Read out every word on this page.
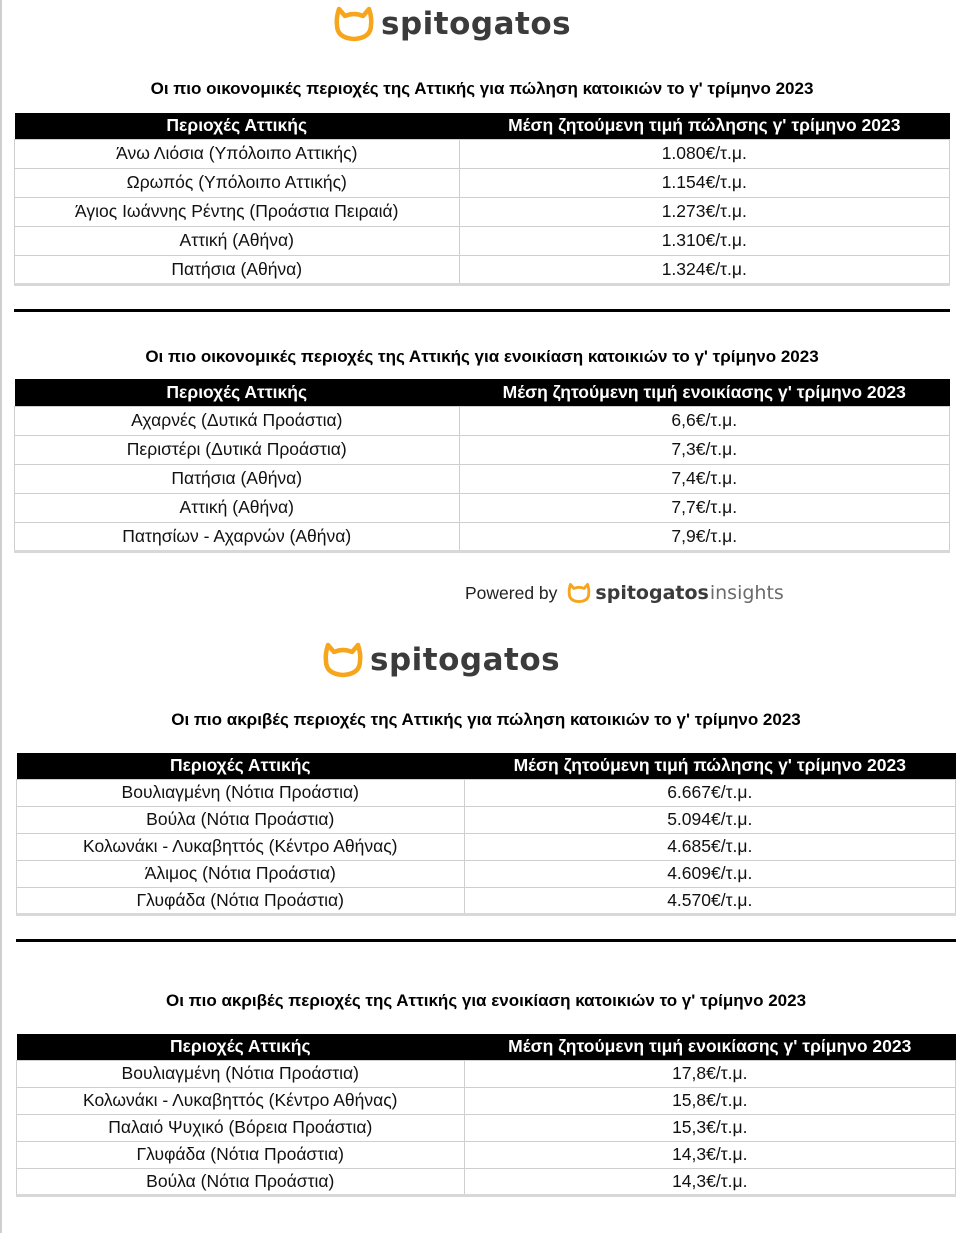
spitogatos
Οι πιο οικονομικές περιοχές της Αττικής για πώληση κατοικιών το γ' τρίμηνο 2023
Περιοχές Αττικής	Μέση ζητούμενη τιμή πώλησης γ' τρίμηνο 2023
Άνω Λιόσια (Υπόλοιπο Αττικής)	1.080€/τ.μ.
Ωρωπός (Υπόλοιπο Αττικής)	1.154€/τ.μ.
Άγιος Ιωάννης Ρέντης (Προάστια Πειραιά)	1.273€/τ.μ.
Αττική (Αθήνα)	1.310€/τ.μ.
Πατήσια (Αθήνα)	1.324€/τ.μ.
Οι πιο οικονομικές περιοχές της Αττικής για ενοικίαση κατοικιών το γ' τρίμηνο 2023
Περιοχές Αττικής	Μέση ζητούμενη τιμή ενοικίασης γ' τρίμηνο 2023
Αχαρνές (Δυτικά Προάστια)	6,6€/τ.μ.
Περιστέρι (Δυτικά Προάστια)	7,3€/τ.μ.
Πατήσια (Αθήνα)	7,4€/τ.μ.
Αττική (Αθήνα)	7,7€/τ.μ.
Πατησίων - Αχαρνών (Αθήνα)	7,9€/τ.μ.
Powered by spitogatos insights
spitogatos
Οι πιο ακριβές περιοχές της Αττικής για πώληση κατοικιών το γ' τρίμηνο 2023
Περιοχές Αττικής	Μέση ζητούμενη τιμή πώλησης γ' τρίμηνο 2023
Βουλιαγμένη (Νότια Προάστια)	6.667€/τ.μ.
Βούλα (Νότια Προάστια)	5.094€/τ.μ.
Κολωνάκι - Λυκαβηττός (Κέντρο Αθήνας)	4.685€/τ.μ.
Άλιμος (Νότια Προάστια)	4.609€/τ.μ.
Γλυφάδα (Νότια Προάστια)	4.570€/τ.μ.
Οι πιο ακριβές περιοχές της Αττικής για ενοικίαση κατοικιών το γ' τρίμηνο 2023
Περιοχές Αττικής	Μέση ζητούμενη τιμή ενοικίασης γ' τρίμηνο 2023
Βουλιαγμένη (Νότια Προάστια)	17,8€/τ.μ.
Κολωνάκι - Λυκαβηττός (Κέντρο Αθήνας)	15,8€/τ.μ.
Παλαιό Ψυχικό (Βόρεια Προάστια)	15,3€/τ.μ.
Γλυφάδα (Νότια Προάστια)	14,3€/τ.μ.
Βούλα (Νότια Προάστια)	14,3€/τ.μ.
